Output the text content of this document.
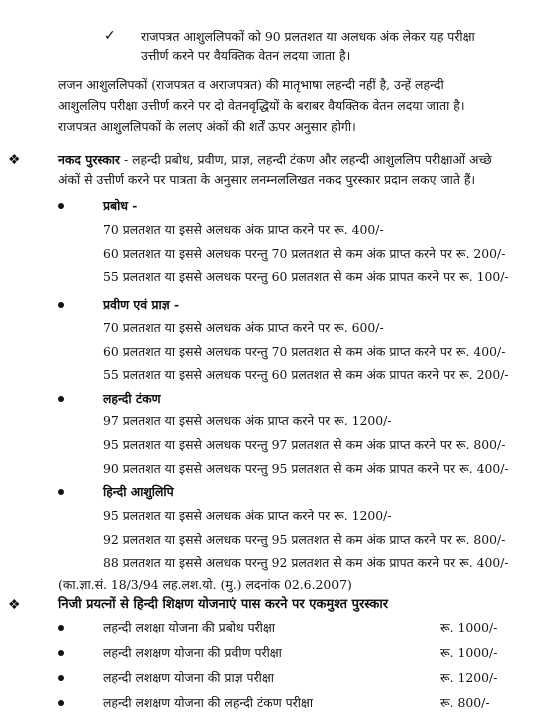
✓ राजपत्रत आशुललिपकों को 90 प्रलतशत या अलधक अंक लेकर यह परीक्षा
उत्तीर्ण करने पर वैयक्तिक वेतन लदया जाता है।
लजन आशुललिपकों (राजपत्रत व अराजपत्रत) की मातृभाषा लहन्दी नहीं है, उन्हें लहन्दी
आशुललिप परीक्षा उत्तीर्ण करने पर दो वेतनवृद्धियों के बराबर वैयक्तिक वेतन लदया जाता है।
राजपत्रत आशुललिपकों के ललए अंकों की शर्तें ऊपर अनुसार होगी।
❖	नकद पुरस्कार - लहन्दी प्रबोध, प्रवीण, प्राज्ञ, लहन्दी टंकण और लहन्दी आशुललिप परीक्षाओं अच्छे
अंकों से उत्तीर्ण करने पर पात्रता के अनुसार लनम्नललिखत नकद पुरस्कार प्रदान लकए जाते हैं।
प्रबोध -
70 प्रलतशत या इससे अलधक अंक प्राप्त करने पर रू. 400/-
60 प्रलतशत या इससे अलधक परन्तु 70 प्रलतशत से कम अंक प्राप्त करने पर रू. 200/-
55 प्रलतशत या इससे अलधक परन्तु 60 प्रलतशत से कम अंक प्रापत करने पर रू. 100/-
प्रवीण एवं प्राज्ञ -
70 प्रलतशत या इससे अलधक अंक प्राप्त करने पर रू. 600/-
60 प्रलतशत या इससे अलधक परन्तु 70 प्रलतशत से कम अंक प्राप्त करने पर रू. 400/-
55 प्रलतशत या इससे अलधक परन्तु 60 प्रलतशत से कम अंक प्रापत करने पर रू. 200/-
लहन्दी टंकण
97 प्रलतशत या इससे अलधक अंक प्राप्त करने पर रू. 1200/-
95 प्रलतशत या इससे अलधक परन्तु 97 प्रलतशत से कम अंक प्राप्त करने पर रू. 800/-
90 प्रलतशत या इससे अलधक परन्तु 95 प्रलतशत से कम अंक प्रापत करने पर रू. 400/-
हिन्दी आशुलिपि
95 प्रलतशत या इससे अलधक अंक प्राप्त करने पर रू. 1200/-
92 प्रलतशत या इससे अलधक परन्तु 95 प्रलतशत से कम अंक प्राप्त करने पर रू. 800/-
88 प्रलतशत या इससे अलधक परन्तु 92 प्रलतशत से कम अंक प्रापत करने पर रू. 400/-
(का.ज्ञा.सं. 18/3/94 लह.लश.यो. (मु.) लदनांक 02.6.2007)
❖	निजी प्रयत्नों से हिन्दी शिक्षण योजनाएं पास करने पर एकमुश्त पुरस्कार
लहन्दी लशक्षा योजना की प्रबोध परीक्षा	रू. 1000/-
लहन्दी लशक्षण योजना की प्रवीण परीक्षा	रू. 1000/-
लहन्दी लशक्षण योजना की प्राज्ञ परीक्षा	रू. 1200/-
लहन्दी लशक्षण योजना की लहन्दी टंकण परीक्षा	रू. 800/-
